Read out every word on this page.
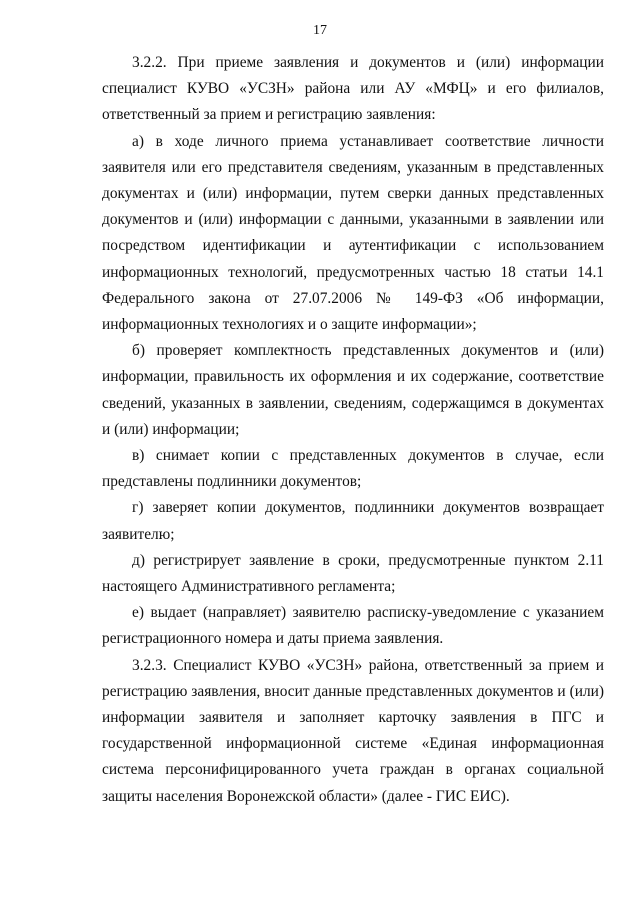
17

3.2.2. При приеме заявления и документов и (или) информации специалист КУВО «УСЗН» района или АУ «МФЦ» и его филиалов, ответственный за прием и регистрацию заявления:

а) в ходе личного приема устанавливает соответствие личности заявителя или его представителя сведениям, указанным в представленных документах и (или) информации, путем сверки данных представленных документов и (или) информации с данными, указанными в заявлении или посредством идентификации и аутентификации с использованием информационных технологий, предусмотренных частью 18 статьи 14.1 Федерального закона от 27.07.2006 № 149-ФЗ «Об информации, информационных технологиях и о защите информации»;

б) проверяет комплектность представленных документов и (или) информации, правильность их оформления и их содержание, соответствие сведений, указанных в заявлении, сведениям, содержащимся в документах и (или) информации;

в) снимает копии с представленных документов в случае, если представлены подлинники документов;

г) заверяет копии документов, подлинники документов возвращает заявителю;

д) регистрирует заявление в сроки, предусмотренные пунктом 2.11 настоящего Административного регламента;

е) выдает (направляет) заявителю расписку-уведомление с указанием регистрационного номера и даты приема заявления.

3.2.3. Специалист КУВО «УСЗН» района, ответственный за прием и регистрацию заявления, вносит данные представленных документов и (или) информации заявителя и заполняет карточку заявления в ПГС и государственной информационной системе «Единая информационная система персонифицированного учета граждан в органах социальной защиты населения Воронежской области» (далее - ГИС ЕИС).
